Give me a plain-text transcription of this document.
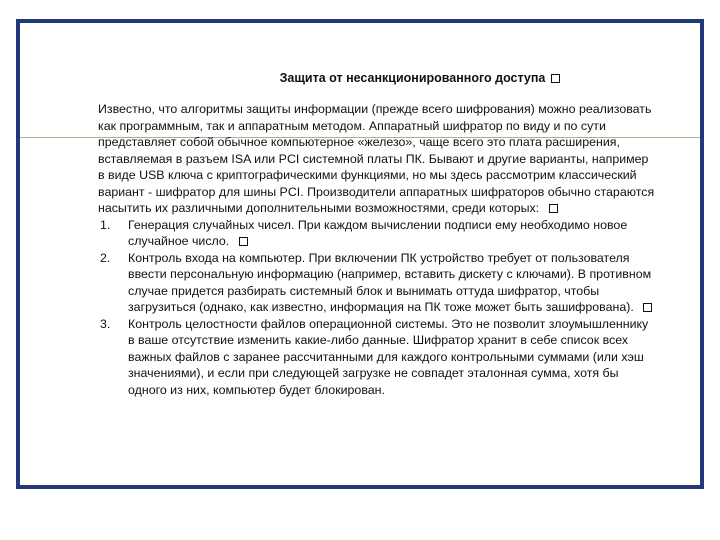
Защита от несанкционированного доступа
Известно, что алгоритмы защиты информации (прежде всего шифрования) можно реализовать как программным, так и аппаратным методом. Аппаратный шифратор по виду и по сути представляет собой обычное компьютерное «железо», чаще всего это плата расширения, вставляемая в разъем ISA или PCI системной платы ПК. Бывают и другие варианты, например в виде USB ключа с криптографическими функциями, но мы здесь рассмотрим классический вариант - шифратор для шины PCI. Производители аппаратных шифраторов обычно стараются насытить их различными дополнительными возможностями, среди которых:
1. Генерация случайных чисел. При каждом вычислении подписи ему необходимо новое случайное число.
2. Контроль входа на компьютер. При включении ПК устройство требует от пользователя ввести персональную информацию (например, вставить дискету с ключами). В противном случае придется разбирать системный блок и вынимать оттуда шифратор, чтобы загрузиться (однако, как известно, информация на ПК тоже может быть зашифрована).
3. Контроль целостности файлов операционной системы. Это не позволит злоумышленнику в ваше отсутствие изменить какие-либо данные. Шифратор хранит в себе список всех важных файлов с заранее рассчитанными для каждого контрольными суммами (или хэш значениями), и если при следующей загрузке не совпадет эталонная сумма, хотя бы одного из них, компьютер будет блокирован.
